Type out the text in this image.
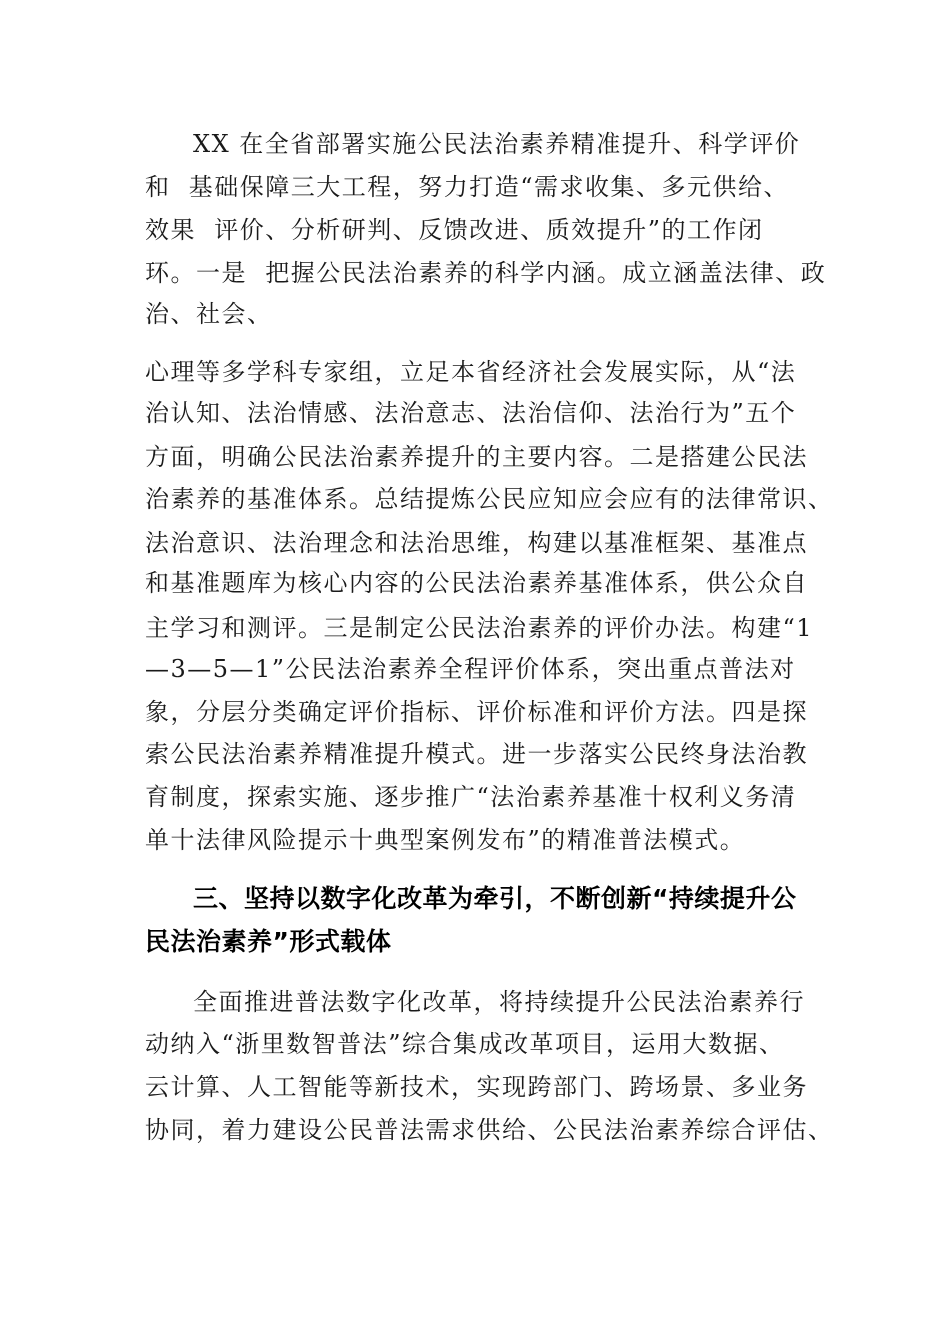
XX 在全省部署实施公民法治素养精准提升、科学评价
和  基础保障三大工程，努力打造“需求收集、多元供给、
效果  评价、分析研判、反馈改进、质效提升”的工作闭
环。一是  把握公民法治素养的科学内涵。成立涵盖法律、政
治、社会、
心理等多学科专家组，立足本省经济社会发展实际，从“法
治认知、法治情感、法治意志、法治信仰、法治行为”五个
方面，明确公民法治素养提升的主要内容。二是搭建公民法
治素养的基准体系。总结提炼公民应知应会应有的法律常识、
法治意识、法治理念和法治思维，构建以基准框架、基准点
和基准题库为核心内容的公民法治素养基准体系，供公众自
主学习和测评。三是制定公民法治素养的评价办法。构建“1
—3—5—1”公民法治素养全程评价体系，突出重点普法对
象，分层分类确定评价指标、评价标准和评价方法。四是探
索公民法治素养精准提升模式。进一步落实公民终身法治教
育制度，探索实施、逐步推广“法治素养基准十权利义务清
单十法律风险提示十典型案例发布”的精准普法模式。
三、坚持以数字化改革为牵引，不断创新“持续提升公
民法治素养”形式载体
全面推进普法数字化改革，将持续提升公民法治素养行
动纳入“浙里数智普法”综合集成改革项目，运用大数据、
云计算、人工智能等新技术，实现跨部门、跨场景、多业务
协同，着力建设公民普法需求供给、公民法治素养综合评估、
